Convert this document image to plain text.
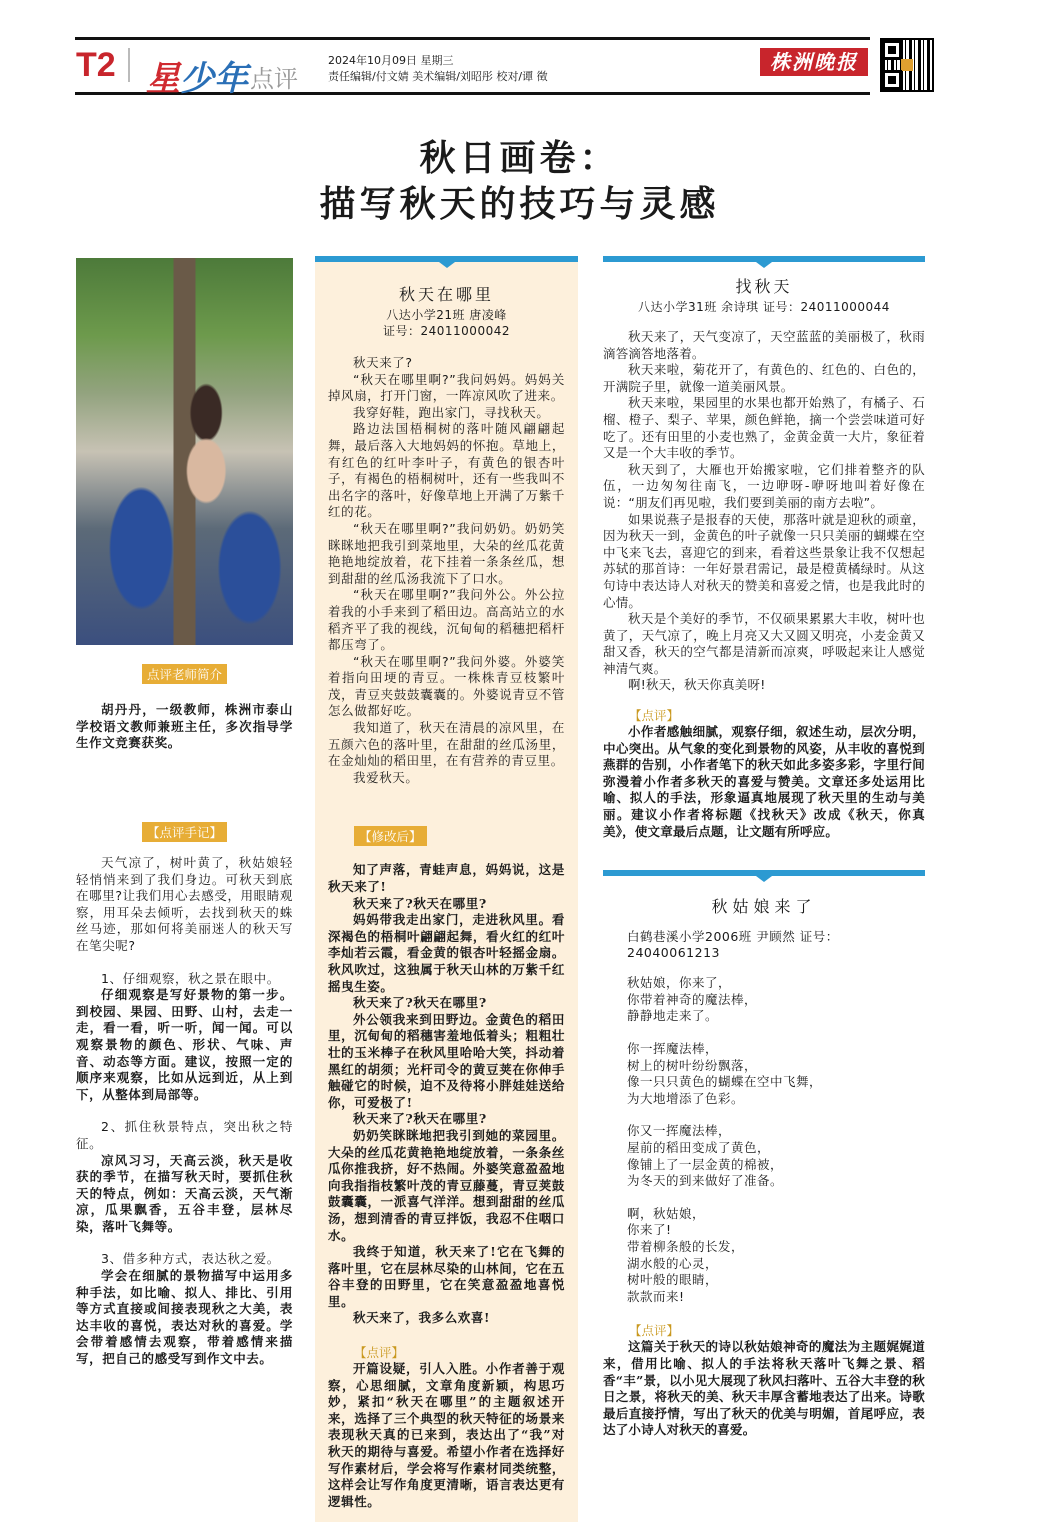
T2 星 少年 点评
2024年10月09日 星期三
责任编辑/付文婧 美术编辑/刘昭彤 校对/谭 徵
株洲晚报
秋日画卷：
描写秋天的技巧与灵感
点评老师简介

胡丹丹，一级教师，株洲市泰山学校语文教师兼班主任，多次指导学生作文竞赛获奖。

【点评手记】

天气凉了，树叶黄了，秋姑娘轻轻悄悄来到了我们身边。可秋天到底在哪里?让我们用心去感受，用眼睛观察，用耳朵去倾听，去找到秋天的蛛丝马迹，那如何将美丽迷人的秋天写在笔尖呢?

1、仔细观察，秋之景在眼中。

仔细观察是写好景物的第一步。到校园、果园、田野、山村，去走一走，看一看，听一听，闻一闻。可以观察景物的颜色、形状、气味、声音、动态等方面。建议，按照一定的顺序来观察，比如从远到近，从上到下，从整体到局部等。

2、抓住秋景特点，突出秋之特征。

凉风习习，天高云淡，秋天是收获的季节，在描写秋天时，要抓住秋天的特点，例如：天高云淡，天气渐凉，瓜果飘香，五谷丰登，层林尽染，落叶飞舞等。

3、借多种方式，表达秋之爱。

学会在细腻的景物描写中运用多种手法，如比喻、拟人、排比、引用等方式直接或间接表现秋之大美，表达丰收的喜悦，表达对秋的喜爱。学会带着感情去观察，带着感情来描写，把自己的感受写到作文中去。

秋天在哪里
八达小学21班 唐凌峰
证号：24011000042

秋天来了?

“秋天在哪里啊?”我问妈妈。妈妈关掉风扇，打开门窗，一阵凉风吹了进来。

我穿好鞋，跑出家门，寻找秋天。

路边法国梧桐树的落叶随风翩翩起舞，最后落入大地妈妈的怀抱。草地上，有红色的红叶李叶子，有黄色的银杏叶子，有褐色的梧桐树叶，还有一些我叫不出名字的落叶，好像草地上开满了万紫千红的花。

“秋天在哪里啊?”我问奶奶。奶奶笑眯眯地把我引到菜地里，大朵的丝瓜花黄艳艳地绽放着，花下挂着一条条丝瓜，想到甜甜的丝瓜汤我流下了口水。

“秋天在哪里啊?”我问外公。外公拉着我的小手来到了稻田边。高高站立的水稻齐平了我的视线，沉甸甸的稻穗把稻杆都压弯了。

“秋天在哪里啊?”我问外婆。外婆笑着指向田埂的青豆。一株株青豆枝繁叶茂，青豆夹鼓鼓囊囊的。外婆说青豆不管怎么做都好吃。

我知道了，秋天在清晨的凉风里，在五颜六色的落叶里，在甜甜的丝瓜汤里，在金灿灿的稻田里，在有营养的青豆里。

我爱秋天。

【修改后】

知了声落，青蛙声息，妈妈说，这是秋天来了!

秋天来了?秋天在哪里?

妈妈带我走出家门，走进秋风里。看深褐色的梧桐叶翩翩起舞，看火红的红叶李灿若云霞，看金黄的银杏叶轻摇金扇。秋风吹过，这独属于秋天山林的万紫千红摇曳生姿。

秋天来了?秋天在哪里?

外公领我来到田野边。金黄色的稻田里，沉甸甸的稻穗害羞地低着头；粗粗壮壮的玉米棒子在秋风里哈哈大笑，抖动着黑红的胡须；光杆司令的黄豆荚在你伸手触碰它的时候，迫不及待将小胖娃娃送给你，可爱极了!

秋天来了?秋天在哪里?

奶奶笑眯眯地把我引到她的菜园里。大朵的丝瓜花黄艳艳地绽放着，一条条丝瓜你推我挤，好不热闹。外婆笑意盈盈地向我指指枝繁叶茂的青豆藤蔓，青豆荚鼓鼓囊囊，一派喜气洋洋。想到甜甜的丝瓜汤，想到清香的青豆拌饭，我忍不住咽口水。

我终于知道，秋天来了!它在飞舞的落叶里，它在层林尽染的山林间，它在五谷丰登的田野里，它在笑意盈盈地喜悦里。

秋天来了，我多么欢喜!

【点评】

开篇设疑，引人入胜。小作者善于观察，心思细腻，文章角度新颖，构思巧妙，紧扣“秋天在哪里”的主题叙述开来，选择了三个典型的秋天特征的场景来表现秋天真的已来到，表达出了“我”对秋天的期待与喜爱。希望小作者在选择好写作素材后，学会将写作素材同类统整，这样会让写作角度更清晰，语言表达更有逻辑性。

找秋天
八达小学31班 余诗琪 证号：24011000044

秋天来了，天气变凉了，天空蓝蓝的美丽极了，秋雨滴答滴答地落着。

秋天来啦，菊花开了，有黄色的、红色的、白色的，开满院子里，就像一道美丽风景。

秋天来啦，果园里的水果也都开始熟了，有橘子、石榴、橙子、梨子、苹果，颜色鲜艳，摘一个尝尝味道可好吃了。还有田里的小麦也熟了，金黄金黄一大片，象征着又是一个大丰收的季节。

秋天到了，大雁也开始搬家啦，它们排着整齐的队伍，一边匆匆往南飞，一边咿呀-咿呀地叫着好像在说：“朋友们再见啦，我们要到美丽的南方去啦”。

如果说燕子是报春的天使，那落叶就是迎秋的顽童，因为秋天一到，金黄色的叶子就像一只只美丽的蝴蝶在空中飞来飞去，喜迎它的到来，看着这些景象让我不仅想起苏轼的那首诗：一年好景君需记，最是橙黄橘绿时。从这句诗中表达诗人对秋天的赞美和喜爱之情，也是我此时的心情。

秋天是个美好的季节，不仅硕果累累大丰收，树叶也黄了，天气凉了，晚上月亮又大又圆又明亮，小麦金黄又甜又香，秋天的空气都是清新而凉爽，呼吸起来让人感觉神清气爽。

啊!秋天，秋天你真美呀!

【点评】

小作者感触细腻，观察仔细，叙述生动，层次分明，中心突出。从气象的变化到景物的风姿，从丰收的喜悦到燕群的告别，小作者笔下的秋天如此多姿多彩，字里行间弥漫着小作者多秋天的喜爱与赞美。文章还多处运用比喻、拟人的手法，形象逼真地展现了秋天里的生动与美丽。建议小作者将标题《找秋天》改成《秋天，你真美》，使文章最后点题，让文题有所呼应。

秋姑娘来了
白鹤巷溪小学2006班 尹顾然 证号：24040061213
秋姑娘，你来了，
你带着神奇的魔法棒，
静静地走来了。
你一挥魔法棒，
树上的树叶纷纷飘落，
像一只只黄色的蝴蝶在空中飞舞，
为大地增添了色彩。
你又一挥魔法棒，
屋前的稻田变成了黄色，
像铺上了一层金黄的棉被，
为冬天的到来做好了准备。
啊，秋姑娘，
你来了!
带着柳条般的长发，
湖水般的心灵，
树叶般的眼睛，
款款而来!
【点评】

这篇关于秋天的诗以秋姑娘神奇的魔法为主题娓娓道来，借用比喻、拟人的手法将秋天落叶飞舞之景、稻香“丰”景，以小见大展现了秋风扫落叶、五谷大丰登的秋日之景，将秋天的美、秋天丰厚含蓄地表达了出来。诗歌最后直接抒情，写出了秋天的优美与明媚，首尾呼应，表达了小诗人对秋天的喜爱。
